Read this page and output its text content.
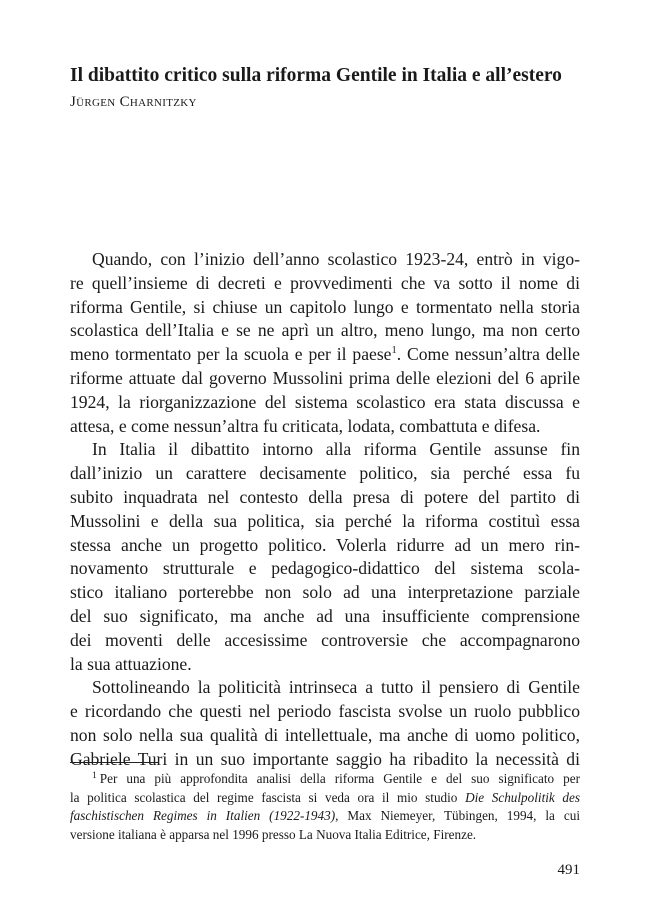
Il dibattito critico sulla riforma Gentile in Italia e all’estero
Jürgen Charnitzky
Quando, con l’inizio dell’anno scolastico 1923-24, entrò in vigo-
re quell’insieme di decreti e provvedimenti che va sotto il nome di
riforma Gentile, si chiuse un capitolo lungo e tormentato nella storia
scolastica dell’Italia e se ne aprì un altro, meno lungo, ma non certo
meno tormentato per la scuola e per il paese$^1$. Come nessun’altra delle
riforme attuate dal governo Mussolini prima delle elezioni del 6 aprile
1924, la riorganizzazione del sistema scolastico era stata discussa e
attesa, e come nessun’altra fu criticata, lodata, combattuta e difesa.
In Italia il dibattito intorno alla riforma Gentile assunse fin
dall’inizio un carattere decisamente politico, sia perché essa fu
subito inquadrata nel contesto della presa di potere del partito di
Mussolini e della sua politica, sia perché la riforma costituì essa
stessa anche un progetto politico. Volerla ridurre ad un mero rin-
novamento strutturale e pedagogico-didattico del sistema scola-
stico italiano porterebbe non solo ad una interpretazione parziale
del suo significato, ma anche ad una insufficiente comprensione
dei moventi delle accesissime controversie che accompagnarono
la sua attuazione.
Sottolineando la politicità intrinseca a tutto il pensiero di Gentile
e ricordando che questi nel periodo fascista svolse un ruolo pubblico
non solo nella sua qualità di intellettuale, ma anche di uomo politico,
Gabriele Turi in un suo importante saggio ha ribadito la necessità di
$^1$ Per una più approfondita analisi della riforma Gentile e del suo significato per
la politica scolastica del regime fascista si veda ora il mio studio Die Schulpolitik des
faschistischen Regimes in Italien (1922-1943), Max Niemeyer, Tübingen, 1994, la cui
versione italiana è apparsa nel 1996 presso La Nuova Italia Editrice, Firenze.
491
